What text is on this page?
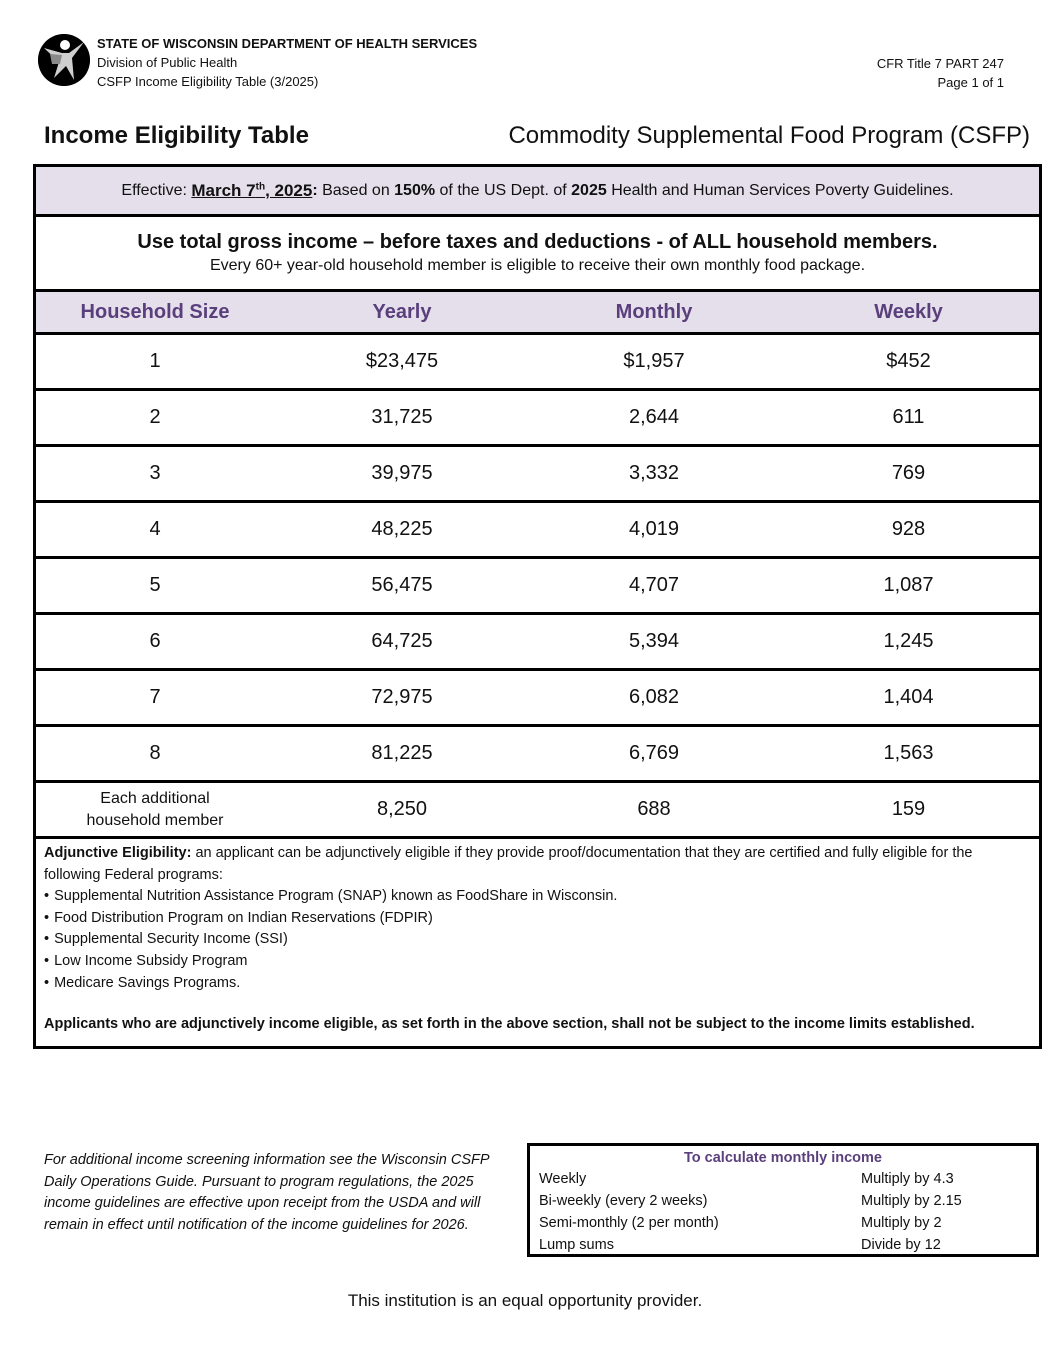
STATE OF WISCONSIN DEPARTMENT OF HEALTH SERVICES
Division of Public Health
CSFP Income Eligibility Table (3/2025)
CFR Title 7 PART 247
Page 1 of 1
Income Eligibility Table	Commodity Supplemental Food Program (CSFP)
Effective:
March 7th, 2025 : Based on 150% of the US Dept. of 2025 Health and Human Services Poverty Guidelines.
Use total gross income – before taxes and deductions - of ALL household members.
Every 60+ year-old household member is eligible to receive their own monthly food package.
Household Size	Yearly	Monthly	Weekly
1	$23,475	$1,957	$452
2	31,725	2,644	611
3	39,975	3,332	769
4	48,225	4,019	928
5	56,475	4,707	1,087
6	64,725	5,394	1,245
7	72,975	6,082	1,404
8	81,225	6,769	1,563
Each additional
household member	8,250	688	159
Adjunctive Eligibility: an applicant can be adjunctively eligible if they provide proof/documentation that they are certified and fully eligible for the following Federal programs:
• Supplemental Nutrition Assistance Program (SNAP) known as FoodShare in Wisconsin.
• Food Distribution Program on Indian Reservations (FDPIR)
• Supplemental Security Income (SSI)
• Low Income Subsidy Program
• Medicare Savings Programs.
Applicants who are adjunctively income eligible, as set forth in the above section, shall not be subject to the income limits established.
For additional income screening information see the Wisconsin CSFP Daily Operations Guide. Pursuant to program regulations, the 2025 income guidelines are effective upon receipt from the USDA and will remain in effect until notification of the income guidelines for 2026.
To calculate monthly income
Weekly	Multiply by 4.3
Bi-weekly (every 2 weeks)	Multiply by 2.15
Semi-monthly (2 per month)	Multiply by 2
Lump sums	Divide by 12
This institution is an equal opportunity provider.
